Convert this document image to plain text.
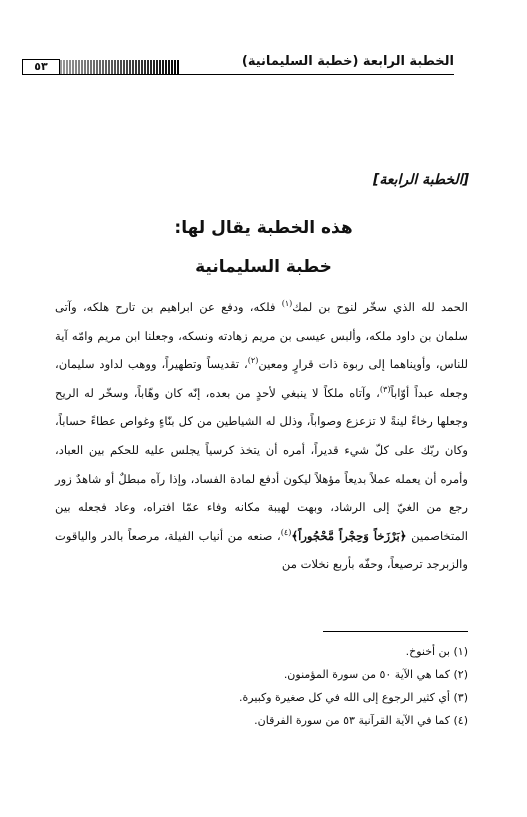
الخطبة الرابعة (خطبة السليمانية)
٥٣
[الخطبة الرابعة]
هذه الخطبة يقال لها:
خطبة السليمانية
الحمد لله الذي سخّر لنوح بن لمك$^{(١)}$ فلكه، ودفع عن ابراهيم بن تارح هلكه، وآتى سلمان بن داود ملكه، وألبس عيسى بن مريم زهادته ونسكه، وجعلنا ابن مريم وامّه آية للناس، وأويناهما إلى ربوة ذات قرارٍ ومعين$^{(٢)}$، تقديساً وتطهيراً، ووهب لداود سليمان، وجعله عبداً أوّاباً$^{(٣)}$، وآتاه ملكاً لا ينبغي لأحدٍ من بعده، إنّه كان وهّاباً، وسخّر له الريح وجعلها رخاءً لينةً لا تزعزع وصواباً، وذلل له الشياطين من كل بنّاءٍ وغواص عطاءً حساباً، وكان ربّك على كلّ شيء قديراً، أمره أن يتخذ كرسياً يجلس عليه للحكم بين العباد، وأمره أن يعمله عملاً بديعاً مؤهلاً ليكون أدفع لمادة الفساد، وإذا رآه مبطلٌ أو شاهدٌ زور رجع من الغيّ إلى الرشاد، وبهت لهيبة مكانه وفاء عمّا افتراه، وعاد فجعله بين المتخاصمين ﴿بَرْزَخاً وَحِجْراً مَّحْجُوراً﴾$^{(٤)}$، صنعه من أنياب الفيلة، مرصعاً بالدر والياقوت والزبرجد ترصيعاً، وحفّه بأربع نخلات من
(١) بن أخنوخ.
(٢) كما هي الآية ٥٠ من سورة المؤمنون.
(٣) أي كثير الرجوع إلى الله في كل صغيرة وكبيرة.
(٤) كما في الآية القرآنية ٥٣ من سورة الفرقان.
